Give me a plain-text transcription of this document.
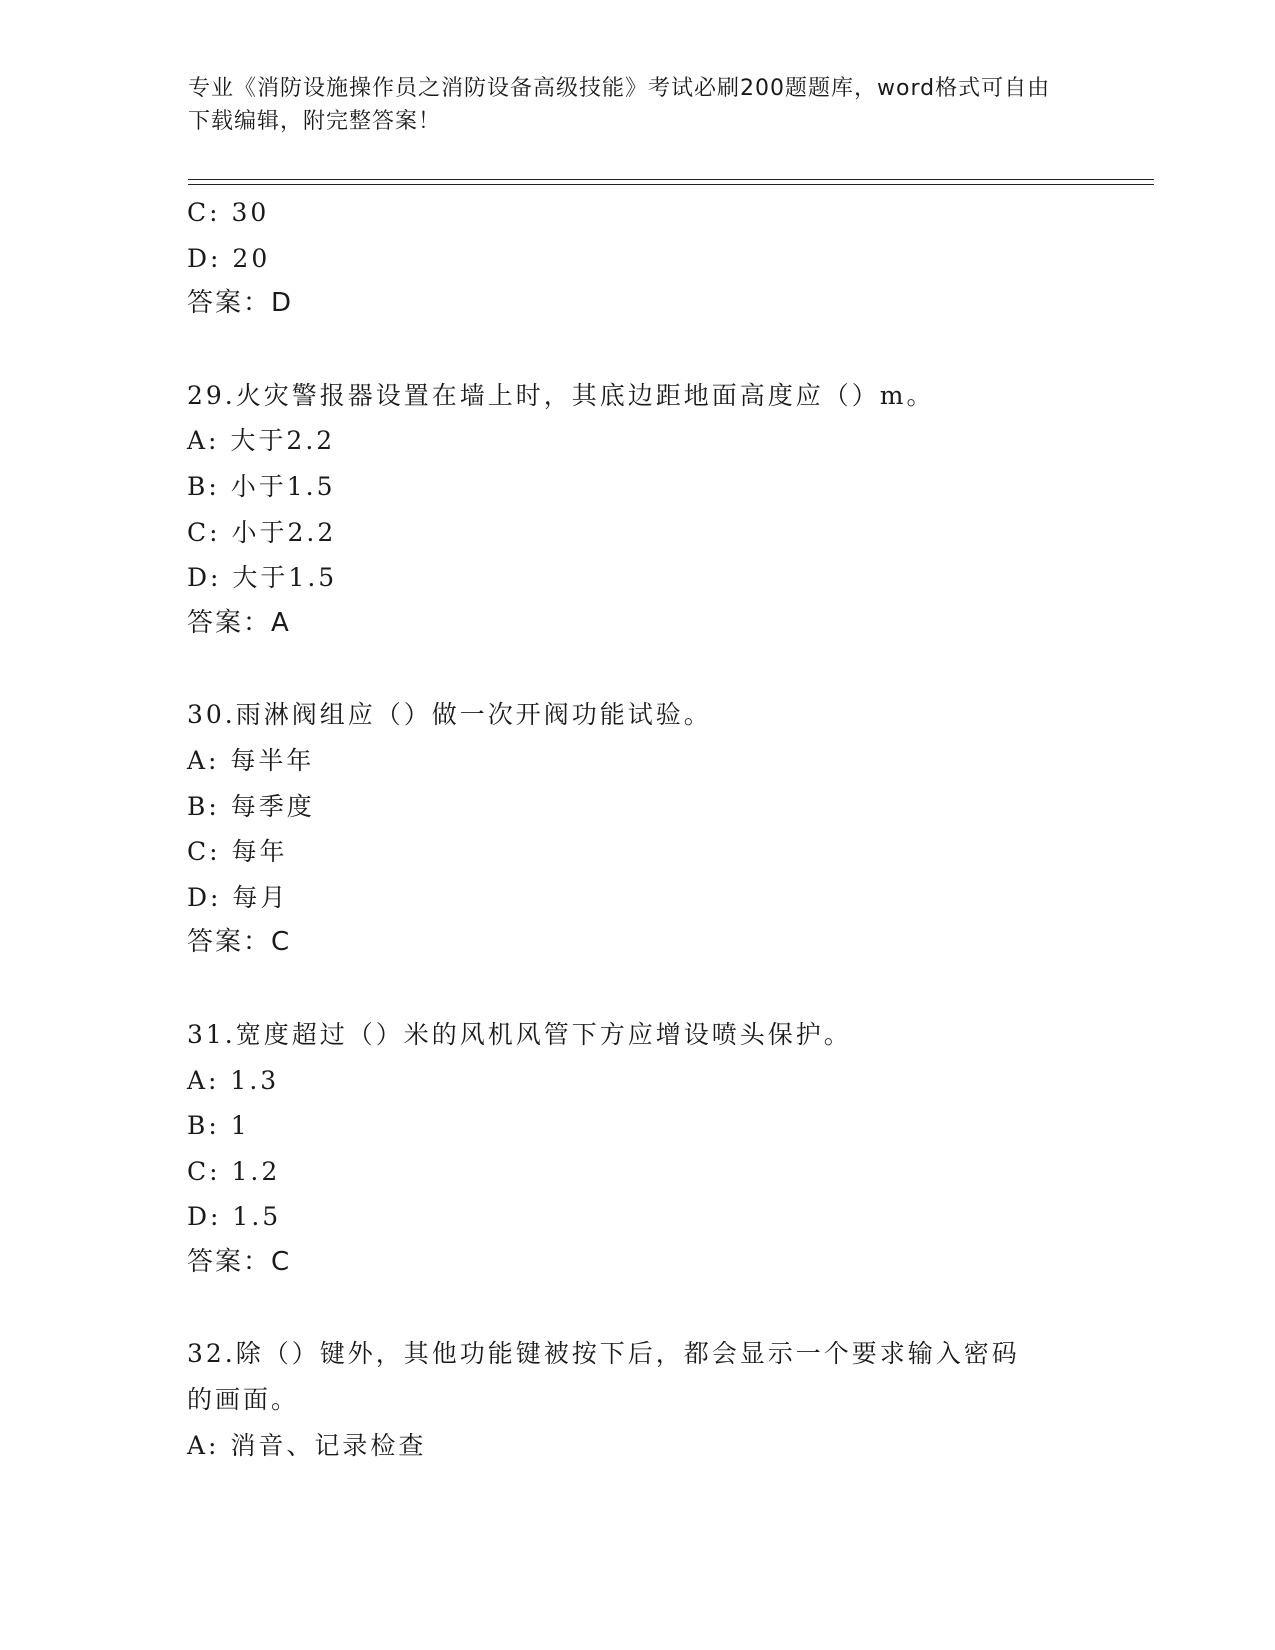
专业《消防设施操作员之消防设备高级技能》考试必刷200题题库，word格式可自由下载编辑，附完整答案！
C: 30
D: 20
答案：D
29.火灾警报器设置在墙上时，其底边距地面高度应（）m。
A: 大于2.2
B: 小于1.5
C: 小于2.2
D: 大于1.5
答案：A
30.雨淋阀组应（）做一次开阀功能试验。
A: 每半年
B: 每季度
C: 每年
D: 每月
答案：C
31.宽度超过（）米的风机风管下方应增设喷头保护。
A: 1.3
B: 1
C: 1.2
D: 1.5
答案：C
32.除（）键外，其他功能键被按下后，都会显示一个要求输入密码的画面。
A: 消音、记录检查
